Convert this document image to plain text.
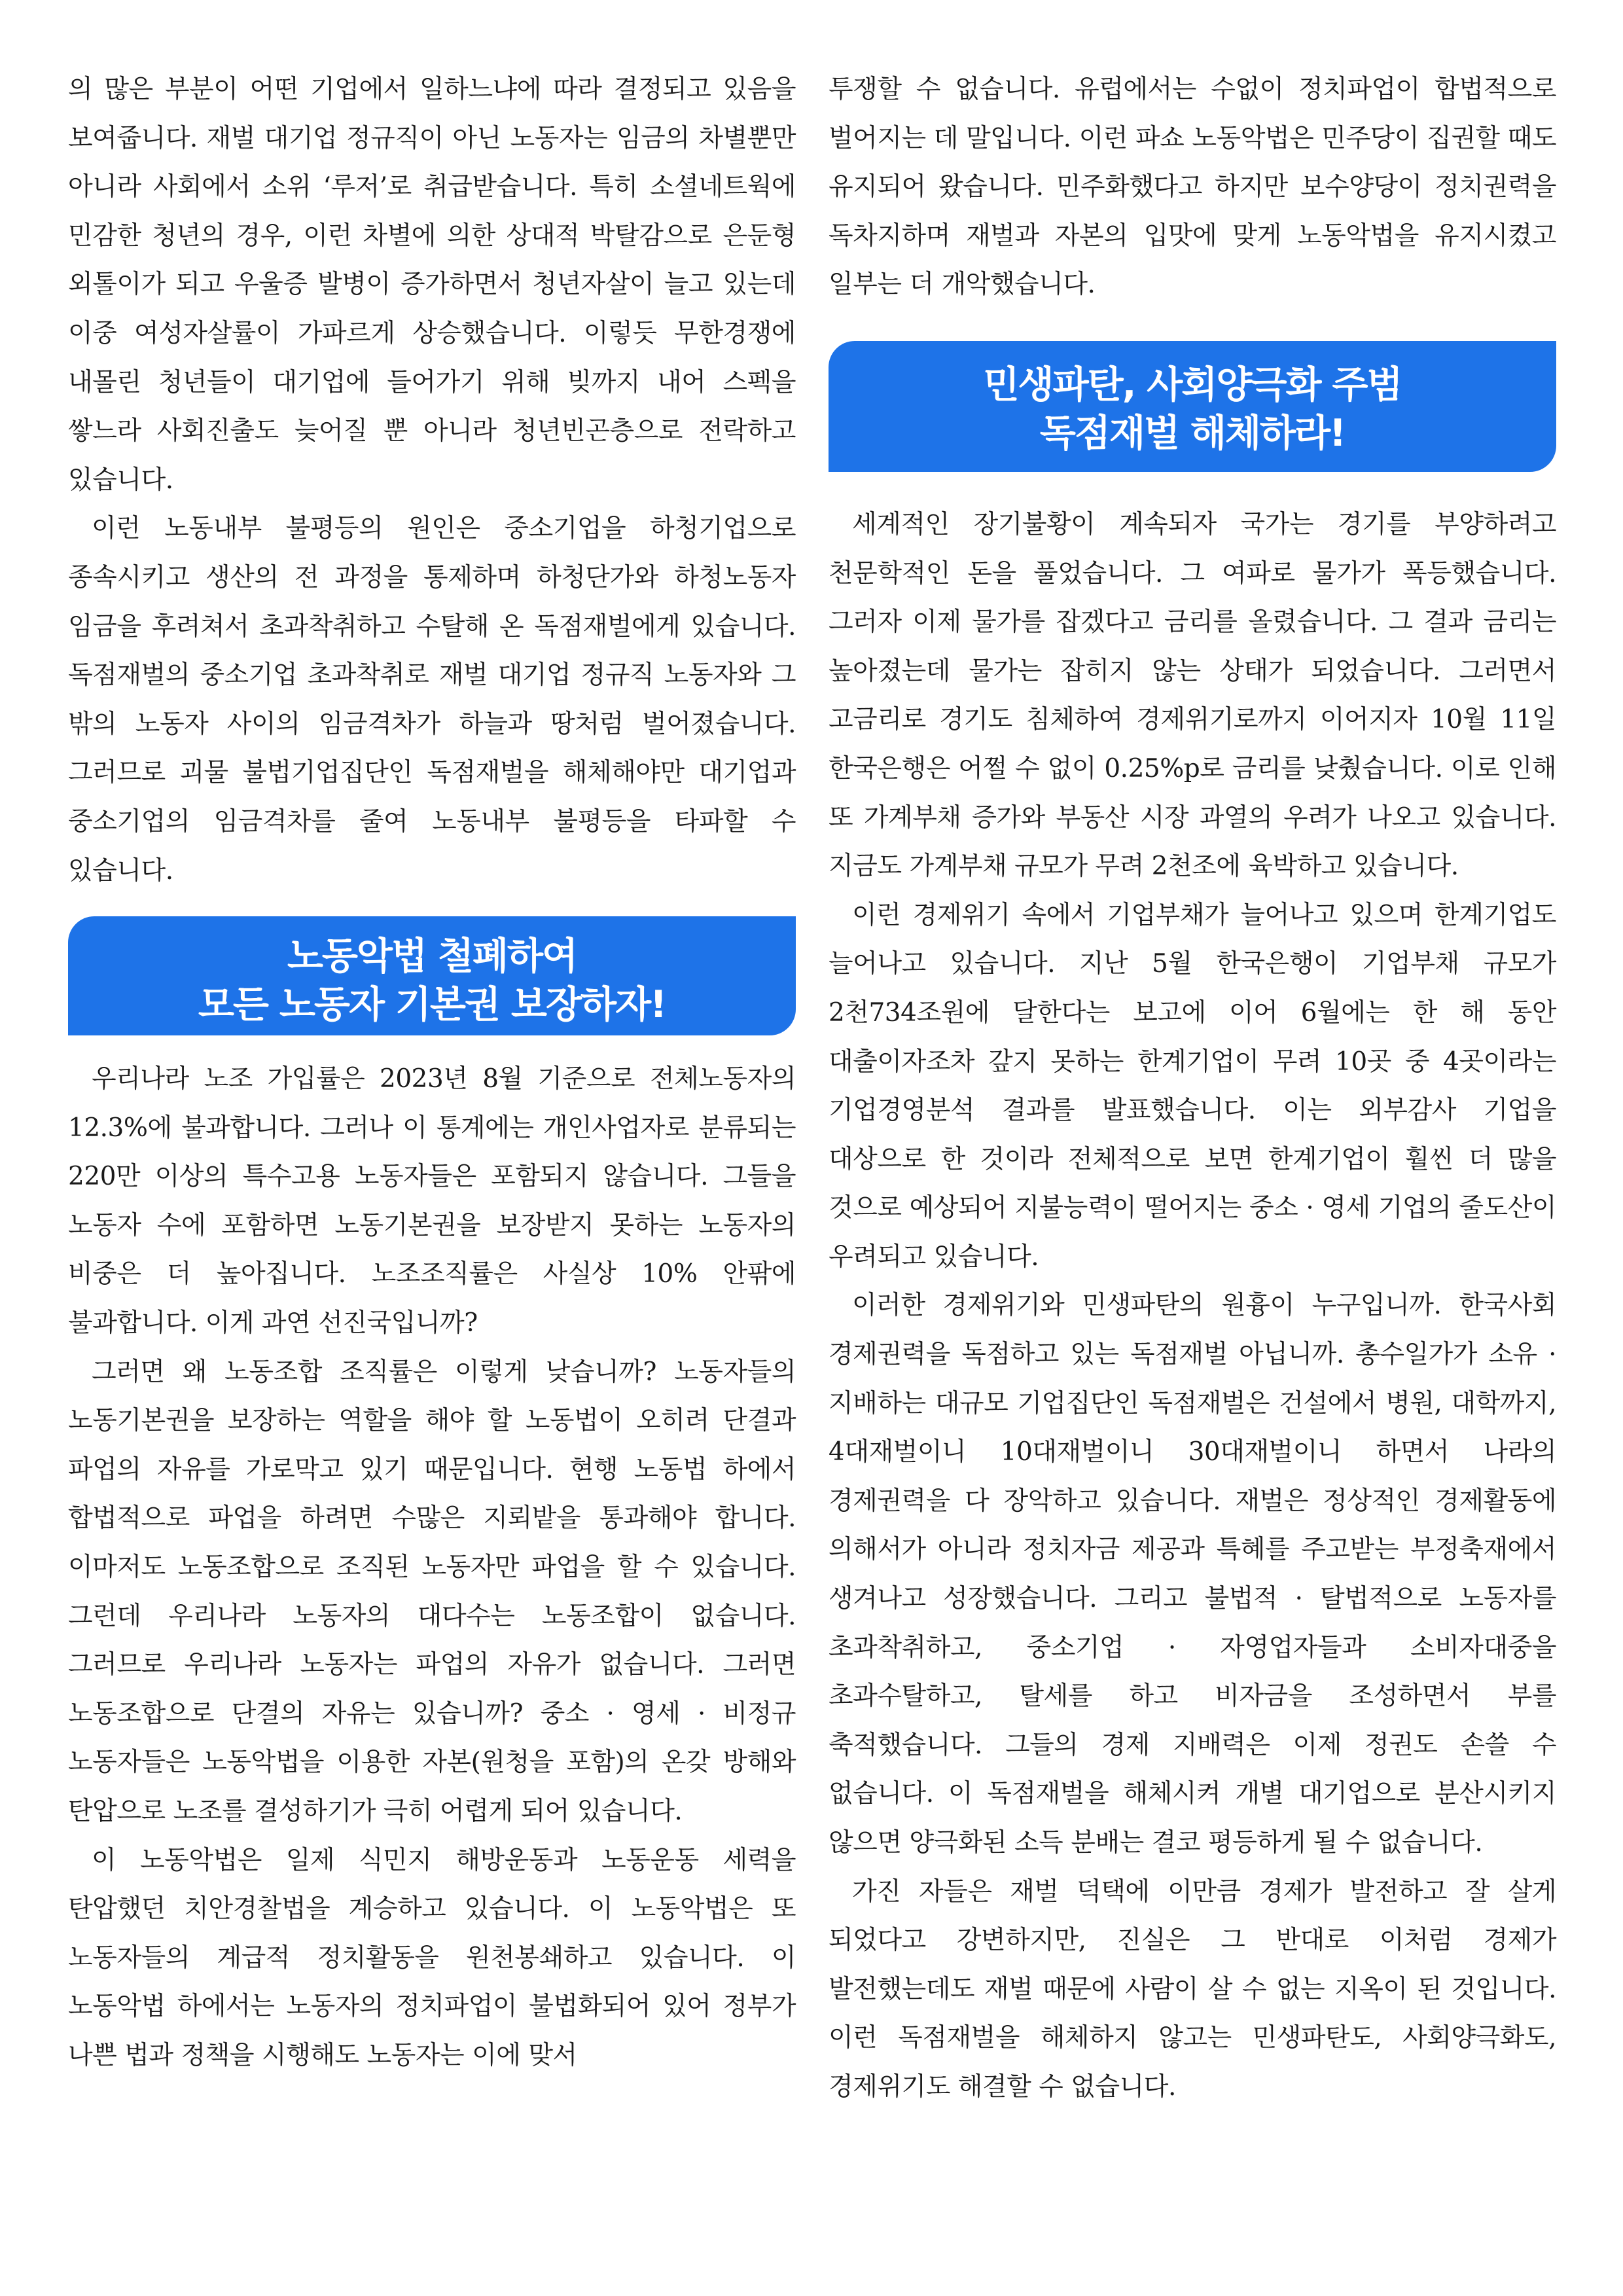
의 많은 부분이 어떤 기업에서 일하느냐에 따라 결정되고 있음을 보여줍니다. 재벌 대기업 정규직이 아닌 노동자는 임금의 차별뿐만 아니라 사회에서 소위 ‘루저’로 취급받습니다. 특히 소셜네트웍에 민감한 청년의 경우, 이런 차별에 의한 상대적 박탈감으로 은둔형 외톨이가 되고 우울증 발병이 증가하면서 청년자살이 늘고 있는데 이중 여성자살률이 가파르게 상승했습니다. 이렇듯 무한경쟁에 내몰린 청년들이 대기업에 들어가기 위해 빚까지 내어 스펙을 쌓느라 사회진출도 늦어질 뿐 아니라 청년빈곤층으로 전락하고 있습니다.

이런 노동내부 불평등의 원인은 중소기업을 하청기업으로 종속시키고 생산의 전 과정을 통제하며 하청단가와 하청노동자 임금을 후려쳐서 초과착취하고 수탈해 온 독점재벌에게 있습니다. 독점재벌의 중소기업 초과착취로 재벌 대기업 정규직 노동자와 그 밖의 노동자 사이의 임금격차가 하늘과 땅처럼 벌어졌습니다. 그러므로 괴물 불법기업집단인 독점재벌을 해체해야만 대기업과 중소기업의 임금격차를 줄여 노동내부 불평등을 타파할 수 있습니다.

노동악법 철폐하여
모든 노동자 기본권 보장하자!

우리나라 노조 가입률은 2023년 8월 기준으로 전체노동자의 12.3%에 불과합니다. 그러나 이 통계에는 개인사업자로 분류되는 220만 이상의 특수고용 노동자들은 포함되지 않습니다. 그들을 노동자 수에 포함하면 노동기본권을 보장받지 못하는 노동자의 비중은 더 높아집니다. 노조조직률은 사실상 10% 안팎에 불과합니다. 이게 과연 선진국입니까?

그러면 왜 노동조합 조직률은 이렇게 낮습니까? 노동자들의 노동기본권을 보장하는 역할을 해야 할 노동법이 오히려 단결과 파업의 자유를 가로막고 있기 때문입니다. 현행 노동법 하에서 합법적으로 파업을 하려면 수많은 지뢰밭을 통과해야 합니다. 이마저도 노동조합으로 조직된 노동자만 파업을 할 수 있습니다. 그런데 우리나라 노동자의 대다수는 노동조합이 없습니다. 그러므로 우리나라 노동자는 파업의 자유가 없습니다. 그러면 노동조합으로 단결의 자유는 있습니까? 중소 · 영세 · 비정규 노동자들은 노동악법을 이용한 자본(원청을 포함)의 온갖 방해와 탄압으로 노조를 결성하기가 극히 어렵게 되어 있습니다.

이 노동악법은 일제 식민지 해방운동과 노동운동 세력을 탄압했던 치안경찰법을 계승하고 있습니다. 이 노동악법은 또 노동자들의 계급적 정치활동을 원천봉쇄하고 있습니다. 이 노동악법 하에서는 노동자의 정치파업이 불법화되어 있어 정부가 나쁜 법과 정책을 시행해도 노동자는 이에 맞서

투쟁할 수 없습니다. 유럽에서는 수없이 정치파업이 합법적으로 벌어지는 데 말입니다. 이런 파쇼 노동악법은 민주당이 집권할 때도 유지되어 왔습니다. 민주화했다고 하지만 보수양당이 정치권력을 독차지하며 재벌과 자본의 입맛에 맞게 노동악법을 유지시켰고 일부는 더 개악했습니다.

민생파탄, 사회양극화 주범
독점재벌 해체하라!

세계적인 장기불황이 계속되자 국가는 경기를 부양하려고 천문학적인 돈을 풀었습니다. 그 여파로 물가가 폭등했습니다. 그러자 이제 물가를 잡겠다고 금리를 올렸습니다. 그 결과 금리는 높아졌는데 물가는 잡히지 않는 상태가 되었습니다. 그러면서 고금리로 경기도 침체하여 경제위기로까지 이어지자 10월 11일 한국은행은 어쩔 수 없이 0.25%p로 금리를 낮췄습니다. 이로 인해 또 가계부채 증가와 부동산 시장 과열의 우려가 나오고 있습니다. 지금도 가계부채 규모가 무려 2천조에 육박하고 있습니다.

이런 경제위기 속에서 기업부채가 늘어나고 있으며 한계기업도 늘어나고 있습니다. 지난 5월 한국은행이 기업부채 규모가 2천734조원에 달한다는 보고에 이어 6월에는 한 해 동안 대출이자조차 갚지 못하는 한계기업이 무려 10곳 중 4곳이라는 기업경영분석 결과를 발표했습니다. 이는 외부감사 기업을 대상으로 한 것이라 전체적으로 보면 한계기업이 훨씬 더 많을 것으로 예상되어 지불능력이 떨어지는 중소 · 영세 기업의 줄도산이 우려되고 있습니다.

이러한 경제위기와 민생파탄의 원흉이 누구입니까. 한국사회 경제권력을 독점하고 있는 독점재벌 아닙니까. 총수일가가 소유 · 지배하는 대규모 기업집단인 독점재벌은 건설에서 병원, 대학까지, 4대재벌이니 10대재벌이니 30대재벌이니 하면서 나라의 경제권력을 다 장악하고 있습니다. 재벌은 정상적인 경제활동에 의해서가 아니라 정치자금 제공과 특혜를 주고받는 부정축재에서 생겨나고 성장했습니다. 그리고 불법적 · 탈법적으로 노동자를 초과착취하고, 중소기업 · 자영업자들과 소비자대중을 초과수탈하고, 탈세를 하고 비자금을 조성하면서 부를 축적했습니다. 그들의 경제 지배력은 이제 정권도 손쓸 수 없습니다. 이 독점재벌을 해체시켜 개별 대기업으로 분산시키지 않으면 양극화된 소득 분배는 결코 평등하게 될 수 없습니다.

가진 자들은 재벌 덕택에 이만큼 경제가 발전하고 잘 살게 되었다고 강변하지만, 진실은 그 반대로 이처럼 경제가 발전했는데도 재벌 때문에 사람이 살 수 없는 지옥이 된 것입니다. 이런 독점재벌을 해체하지 않고는 민생파탄도, 사회양극화도, 경제위기도 해결할 수 없습니다.
